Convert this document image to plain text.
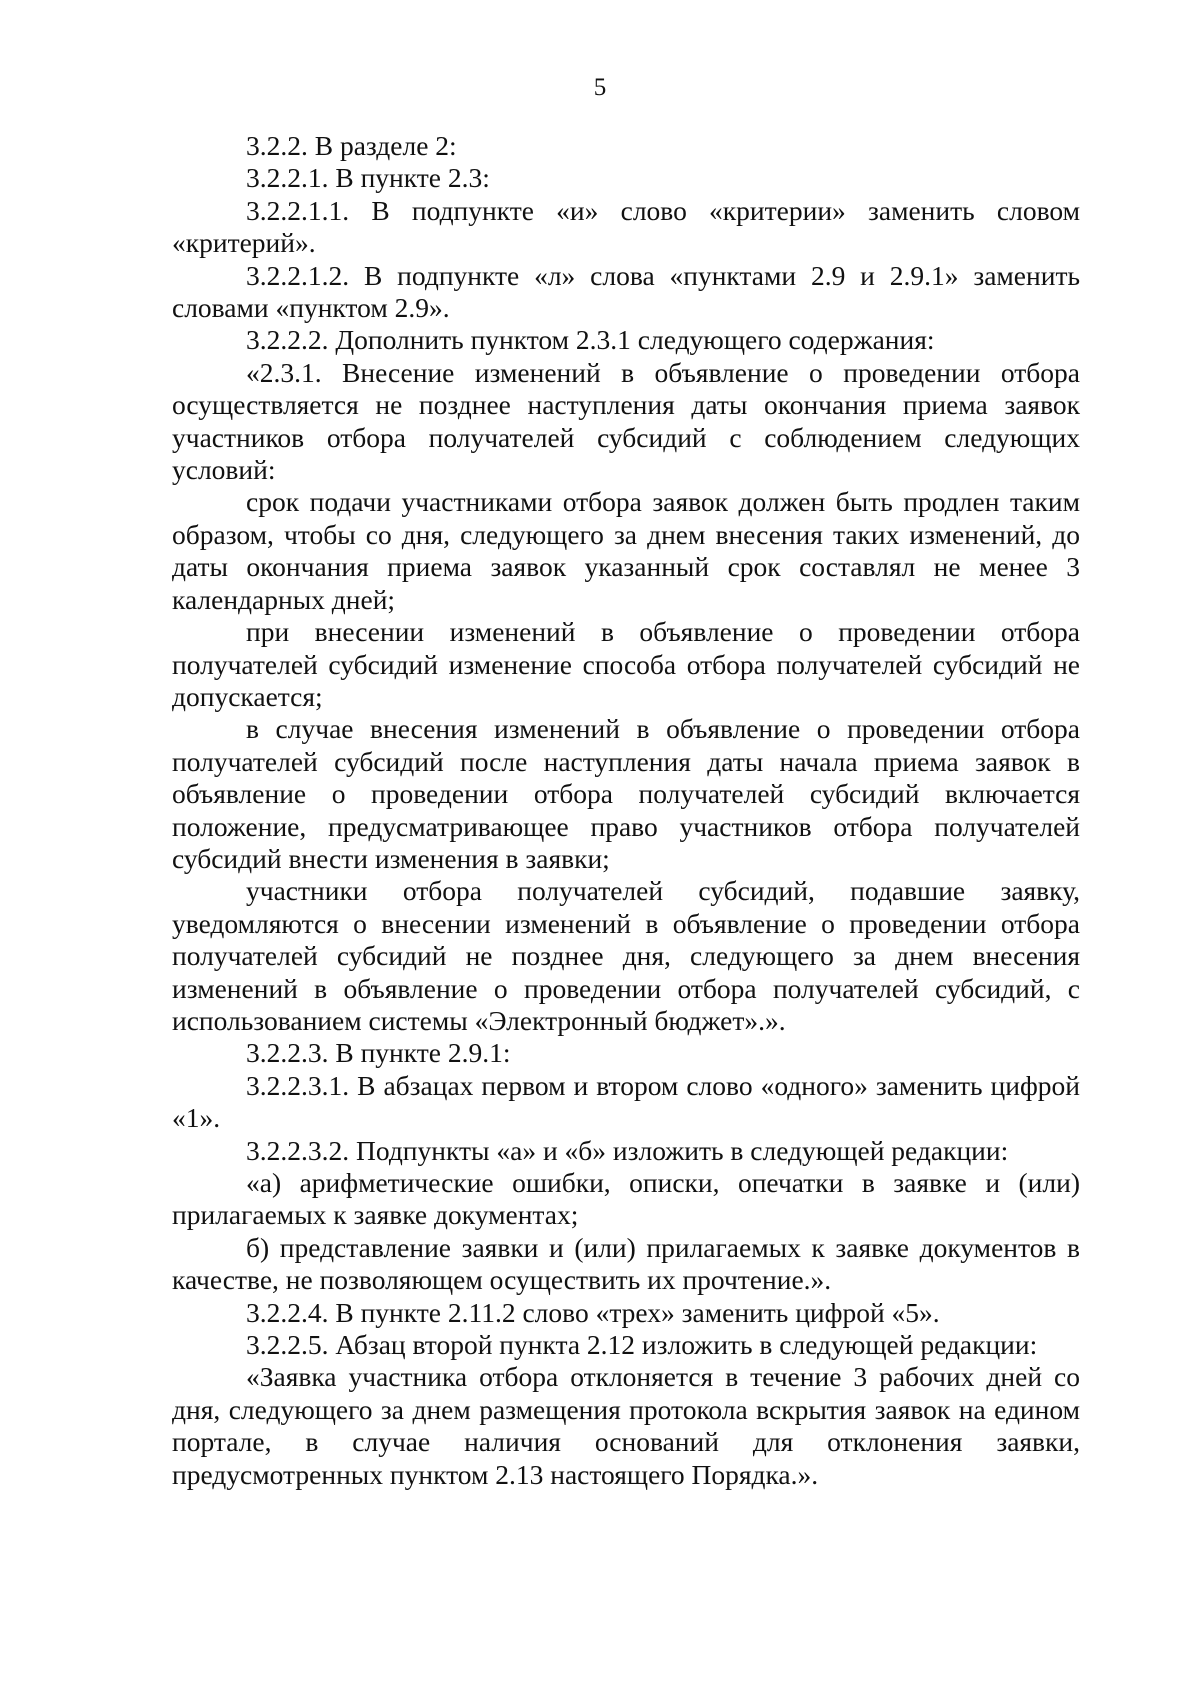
5

3.2.2. В разделе 2:

3.2.2.1. В пункте 2.3:

3.2.2.1.1. В подпункте «и» слово «критерии» заменить словом «критерий».

3.2.2.1.2. В подпункте «л» слова «пунктами 2.9 и 2.9.1» заменить словами «пунктом 2.9».

3.2.2.2. Дополнить пунктом 2.3.1 следующего содержания:

«2.3.1. Внесение изменений в объявление о проведении отбора осуществляется не позднее наступления даты окончания приема заявок участников отбора получателей субсидий с соблюдением следующих условий:

срок подачи участниками отбора заявок должен быть продлен таким образом, чтобы со дня, следующего за днем внесения таких изменений, до даты окончания приема заявок указанный срок составлял не менее 3 календарных дней;

при внесении изменений в объявление о проведении отбора получателей субсидий изменение способа отбора получателей субсидий не допускается;

в случае внесения изменений в объявление о проведении отбора получателей субсидий после наступления даты начала приема заявок в объявление о проведении отбора получателей субсидий включается положение, предусматривающее право участников отбора получателей субсидий внести изменения в заявки;

участники отбора получателей субсидий, подавшие заявку, уведомляются о внесении изменений в объявление о проведении отбора получателей субсидий не позднее дня, следующего за днем внесения изменений в объявление о проведении отбора получателей субсидий, с использованием системы «Электронный бюджет».».

3.2.2.3. В пункте 2.9.1:

3.2.2.3.1. В абзацах первом и втором слово «одного» заменить цифрой «1».

3.2.2.3.2. Подпункты «а» и «б» изложить в следующей редакции:

«а) арифметические ошибки, описки, опечатки в заявке и (или) прилагаемых к заявке документах;

б) представление заявки и (или) прилагаемых к заявке документов в качестве, не позволяющем осуществить их прочтение.».

3.2.2.4. В пункте 2.11.2 слово «трех» заменить цифрой «5».

3.2.2.5. Абзац второй пункта 2.12 изложить в следующей редакции:

«Заявка участника отбора отклоняется в течение 3 рабочих дней со дня, следующего за днем размещения протокола вскрытия заявок на едином портале, в случае наличия оснований для отклонения заявки, предусмотренных пунктом 2.13 настоящего Порядка.».
